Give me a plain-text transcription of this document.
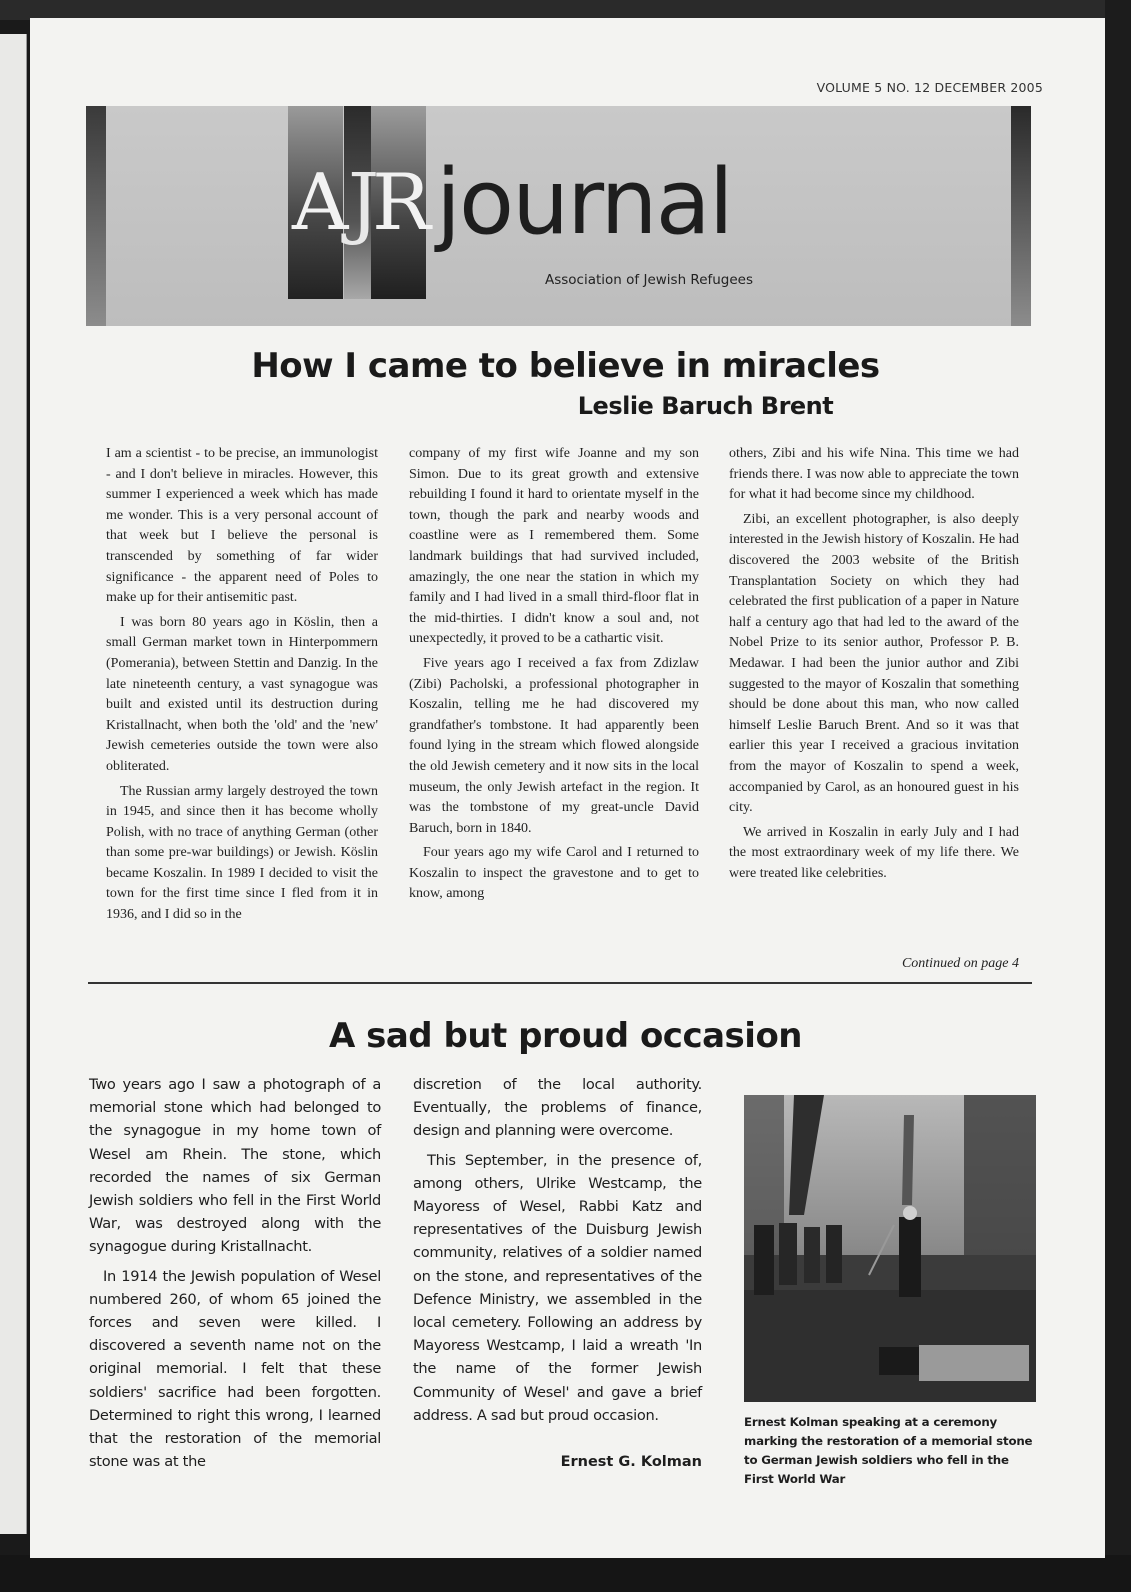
VOLUME 5 NO. 12 DECEMBER 2005
A J
R journal
Association of Jewish Refugees
How I came to believe in miracles
Leslie Baruch Brent

I am a scientist - to be precise, an immunologist - and I don't believe in miracles. However, this summer I experienced a week which has made me wonder. This is a very personal account of that week but I believe the personal is transcended by something of far wider significance - the apparent need of Poles to make up for their antisemitic past.

I was born 80 years ago in Köslin, then a small German market town in Hinterpommern (Pomerania), between Stettin and Danzig. In the late nineteenth century, a vast synagogue was built and existed until its destruction during Kristallnacht, when both the 'old' and the 'new' Jewish cemeteries outside the town were also obliterated.

The Russian army largely destroyed the town in 1945, and since then it has become wholly Polish, with no trace of anything German (other than some pre-war buildings) or Jewish. Köslin became Koszalin. In 1989 I decided to visit the town for the first time since I fled from it in 1936, and I did so in the

company of my first wife Joanne and my son Simon. Due to its great growth and extensive rebuilding I found it hard to orientate myself in the town, though the park and nearby woods and coastline were as I remembered them. Some landmark buildings that had survived included, amazingly, the one near the station in which my family and I had lived in a small third-floor flat in the mid-thirties. I didn't know a soul and, not unexpectedly, it proved to be a cathartic visit.

Five years ago I received a fax from Zdizlaw (Zibi) Pacholski, a professional photographer in Koszalin, telling me he had discovered my grandfather's tombstone. It had apparently been found lying in the stream which flowed alongside the old Jewish cemetery and it now sits in the local museum, the only Jewish artefact in the region. It was the tombstone of my great-uncle David Baruch, born in 1840.

Four years ago my wife Carol and I returned to Koszalin to inspect the gravestone and to get to know, among

others, Zibi and his wife Nina. This time we had friends there. I was now able to appreciate the town for what it had become since my childhood.

Zibi, an excellent photographer, is also deeply interested in the Jewish history of Koszalin. He had discovered the 2003 website of the British Transplantation Society on which they had celebrated the first publication of a paper in Nature half a century ago that had led to the award of the Nobel Prize to its senior author, Professor P. B. Medawar. I had been the junior author and Zibi suggested to the mayor of Koszalin that something should be done about this man, who now called himself Leslie Baruch Brent. And so it was that earlier this year I received a gracious invitation from the mayor of Koszalin to spend a week, accompanied by Carol, as an honoured guest in his city.

We arrived in Koszalin in early July and I had the most extraordinary week of my life there. We were treated like celebrities.

Continued on page 4
A sad but proud occasion

Two years ago I saw a photograph of a memorial stone which had belonged to the synagogue in my home town of Wesel am Rhein. The stone, which recorded the names of six German Jewish soldiers who fell in the First World War, was destroyed along with the synagogue during Kristallnacht.

In 1914 the Jewish population of Wesel numbered 260, of whom 65 joined the forces and seven were killed. I discovered a seventh name not on the original memorial. I felt that these soldiers' sacrifice had been forgotten. Determined to right this wrong, I learned that the restoration of the memorial stone was at the

discretion of the local authority. Eventually, the problems of finance, design and planning were overcome.

This September, in the presence of, among others, Ulrike Westcamp, the Mayoress of Wesel, Rabbi Katz and representatives of the Duisburg Jewish community, relatives of a soldier named on the stone, and representatives of the Defence Ministry, we assembled in the local cemetery. Following an address by Mayoress Westcamp, I laid a wreath 'In the name of the former Jewish Community of Wesel' and gave a brief address. A sad but proud occasion.

Ernest G. Kolman
Ernest Kolman speaking at a ceremony marking the restoration of a memorial stone to German Jewish soldiers who fell in the First World War
